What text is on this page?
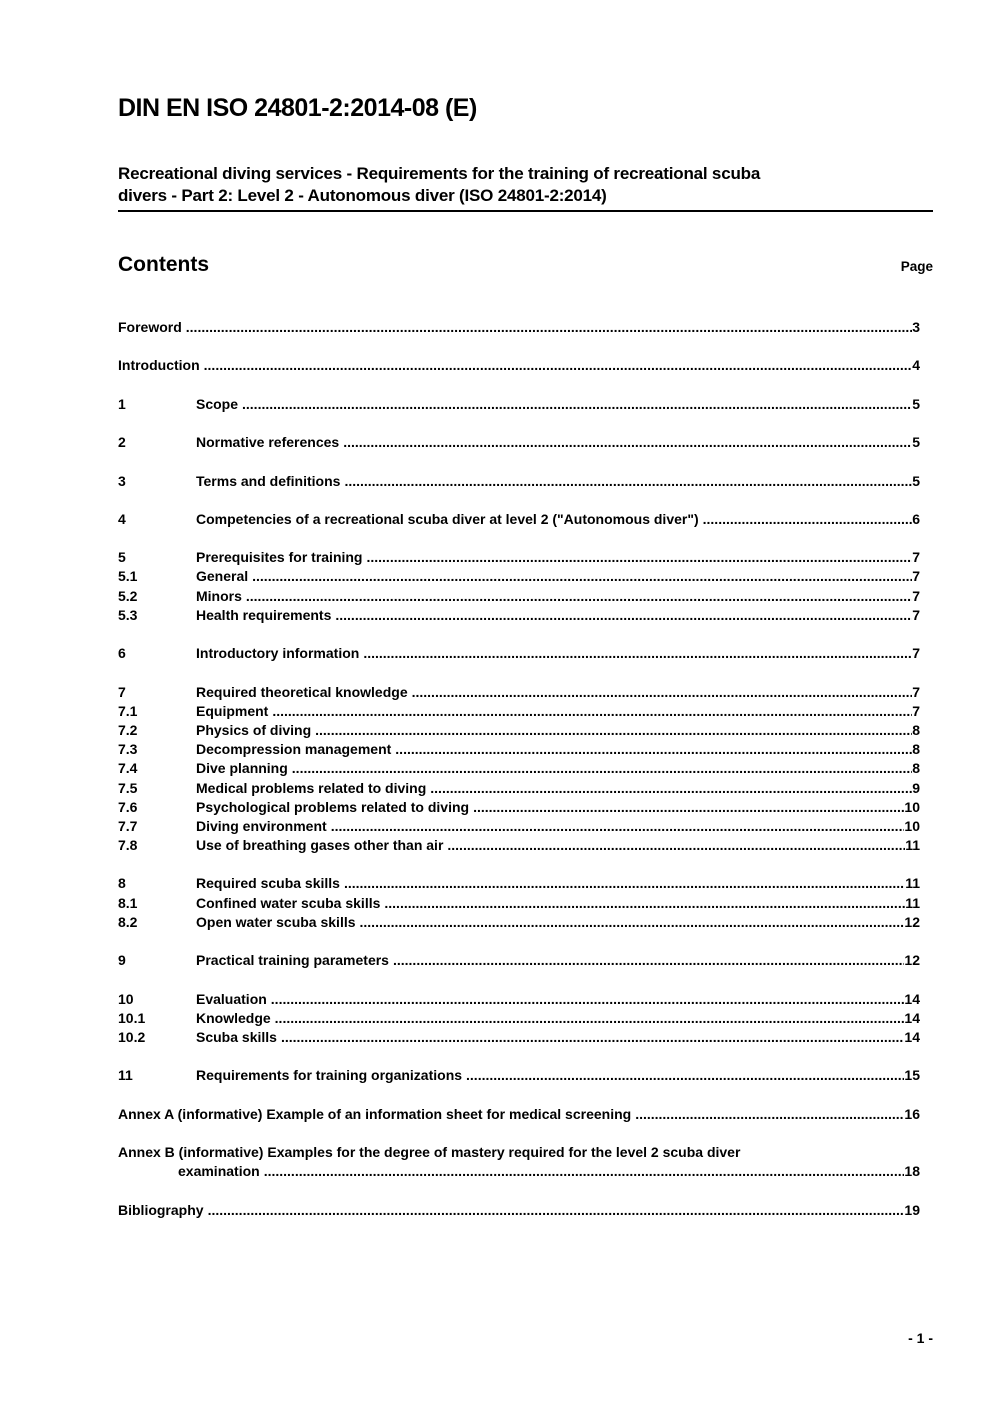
DIN EN ISO 24801-2:2014-08 (E)
Recreational diving services - Requirements for the training of recreational scuba
divers - Part 2: Level 2 - Autonomous diver (ISO 24801-2:2014)
Contents	Page
Foreword .....	3
Introduction .....	4
1	Scope .....	5
2	Normative references .....	5
3	Terms and definitions .....	5
4	Competencies of a recreational scuba diver at level 2 ("Autonomous diver") .....	6
5	Prerequisites for training .....	7
5.1	General .....	7
5.2	Minors .....	7
5.3	Health requirements .....	7
6	Introductory information .....	7
7	Required theoretical knowledge .....	7
7.1	Equipment .....	7
7.2	Physics of diving .....	8
7.3	Decompression management .....	8
7.4	Dive planning .....	8
7.5	Medical problems related to diving .....	9
7.6	Psychological problems related to diving .....	10
7.7	Diving environment .....	10
7.8	Use of breathing gases other than air .....	11
8	Required scuba skills .....	11
8.1	Confined water scuba skills .....	11
8.2	Open water scuba skills .....	12
9	Practical training parameters .....	12
10	Evaluation .....	14
10.1	Knowledge .....	14
10.2	Scuba skills .....	14
11	Requirements for training organizations .....	15
Annex A (informative) Example of an information sheet for medical screening .....	16
Annex B (informative) Examples for the degree of mastery required for the level 2 scuba diver
examination .....	18
Bibliography .....	19
- 1 -
